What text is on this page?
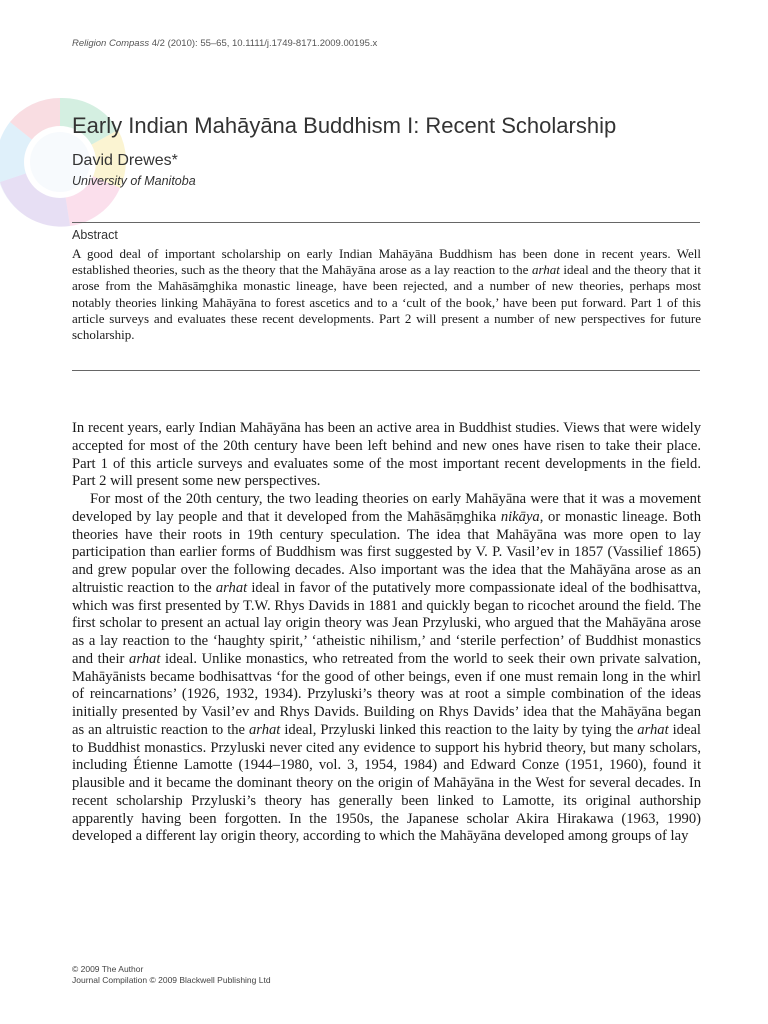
Religion Compass 4/2 (2010): 55–65, 10.1111/j.1749-8171.2009.00195.x
Early Indian Mahāyāna Buddhism I: Recent Scholarship
David Drewes*
University of Manitoba
Abstract

A good deal of important scholarship on early Indian Mahāyāna Buddhism has been done in recent years. Well established theories, such as the theory that the Mahāyāna arose as a lay reaction to the arhat ideal and the theory that it arose from the Mahāsāṃghika monastic lineage, have been rejected, and a number of new theories, perhaps most notably theories linking Mahāyāna to forest ascetics and to a ‘cult of the book,’ have been put forward. Part 1 of this article surveys and evaluates these recent developments. Part 2 will present a number of new perspectives for future scholarship.

In recent years, early Indian Mahāyāna has been an active area in Buddhist studies. Views that were widely accepted for most of the 20th century have been left behind and new ones have risen to take their place. Part 1 of this article surveys and evaluates some of the most important recent developments in the field. Part 2 will present some new perspectives.

For most of the 20th century, the two leading theories on early Mahāyāna were that it was a movement developed by lay people and that it developed from the Mahāsāṃghika nikāya, or monastic lineage. Both theories have their roots in 19th century speculation. The idea that Mahāyāna was more open to lay participation than earlier forms of Buddhism was first suggested by V. P. Vasil’ev in 1857 (Vassilief 1865) and grew popular over the following decades. Also important was the idea that the Mahāyāna arose as an altruistic reaction to the arhat ideal in favor of the putatively more compassionate ideal of the bodhisattva, which was first presented by T.W. Rhys Davids in 1881 and quickly began to ricochet around the field. The first scholar to present an actual lay origin theory was Jean Przyluski, who argued that the Mahāyāna arose as a lay reaction to the ‘haughty spirit,’ ‘atheistic nihilism,’ and ‘sterile perfection’ of Buddhist monastics and their arhat ideal. Unlike monastics, who retreated from the world to seek their own private salvation, Mahāyānists became bodhisattvas ‘for the good of other beings, even if one must remain long in the whirl of reincarnations’ (1926, 1932, 1934). Przyluski’s theory was at root a simple combination of the ideas initially presented by Vasil’ev and Rhys Davids. Building on Rhys Davids’ idea that the Mahāyāna began as an altruistic reaction to the arhat ideal, Przyluski linked this reaction to the laity by tying the arhat ideal to Buddhist monastics. Przyluski never cited any evidence to support his hybrid theory, but many scholars, including Étienne Lamotte (1944–1980, vol. 3, 1954, 1984) and Edward Conze (1951, 1960), found it plausible and it became the dominant theory on the origin of Mahāyāna in the West for several decades. In recent scholarship Przyluski’s theory has generally been linked to Lamotte, its original authorship apparently having been forgotten. In the 1950s, the Japanese scholar Akira Hirakawa (1963, 1990) developed a different lay origin theory, according to which the Mahāyāna developed among groups of lay

© 2009 The Author
Journal Compilation © 2009 Blackwell Publishing Ltd
